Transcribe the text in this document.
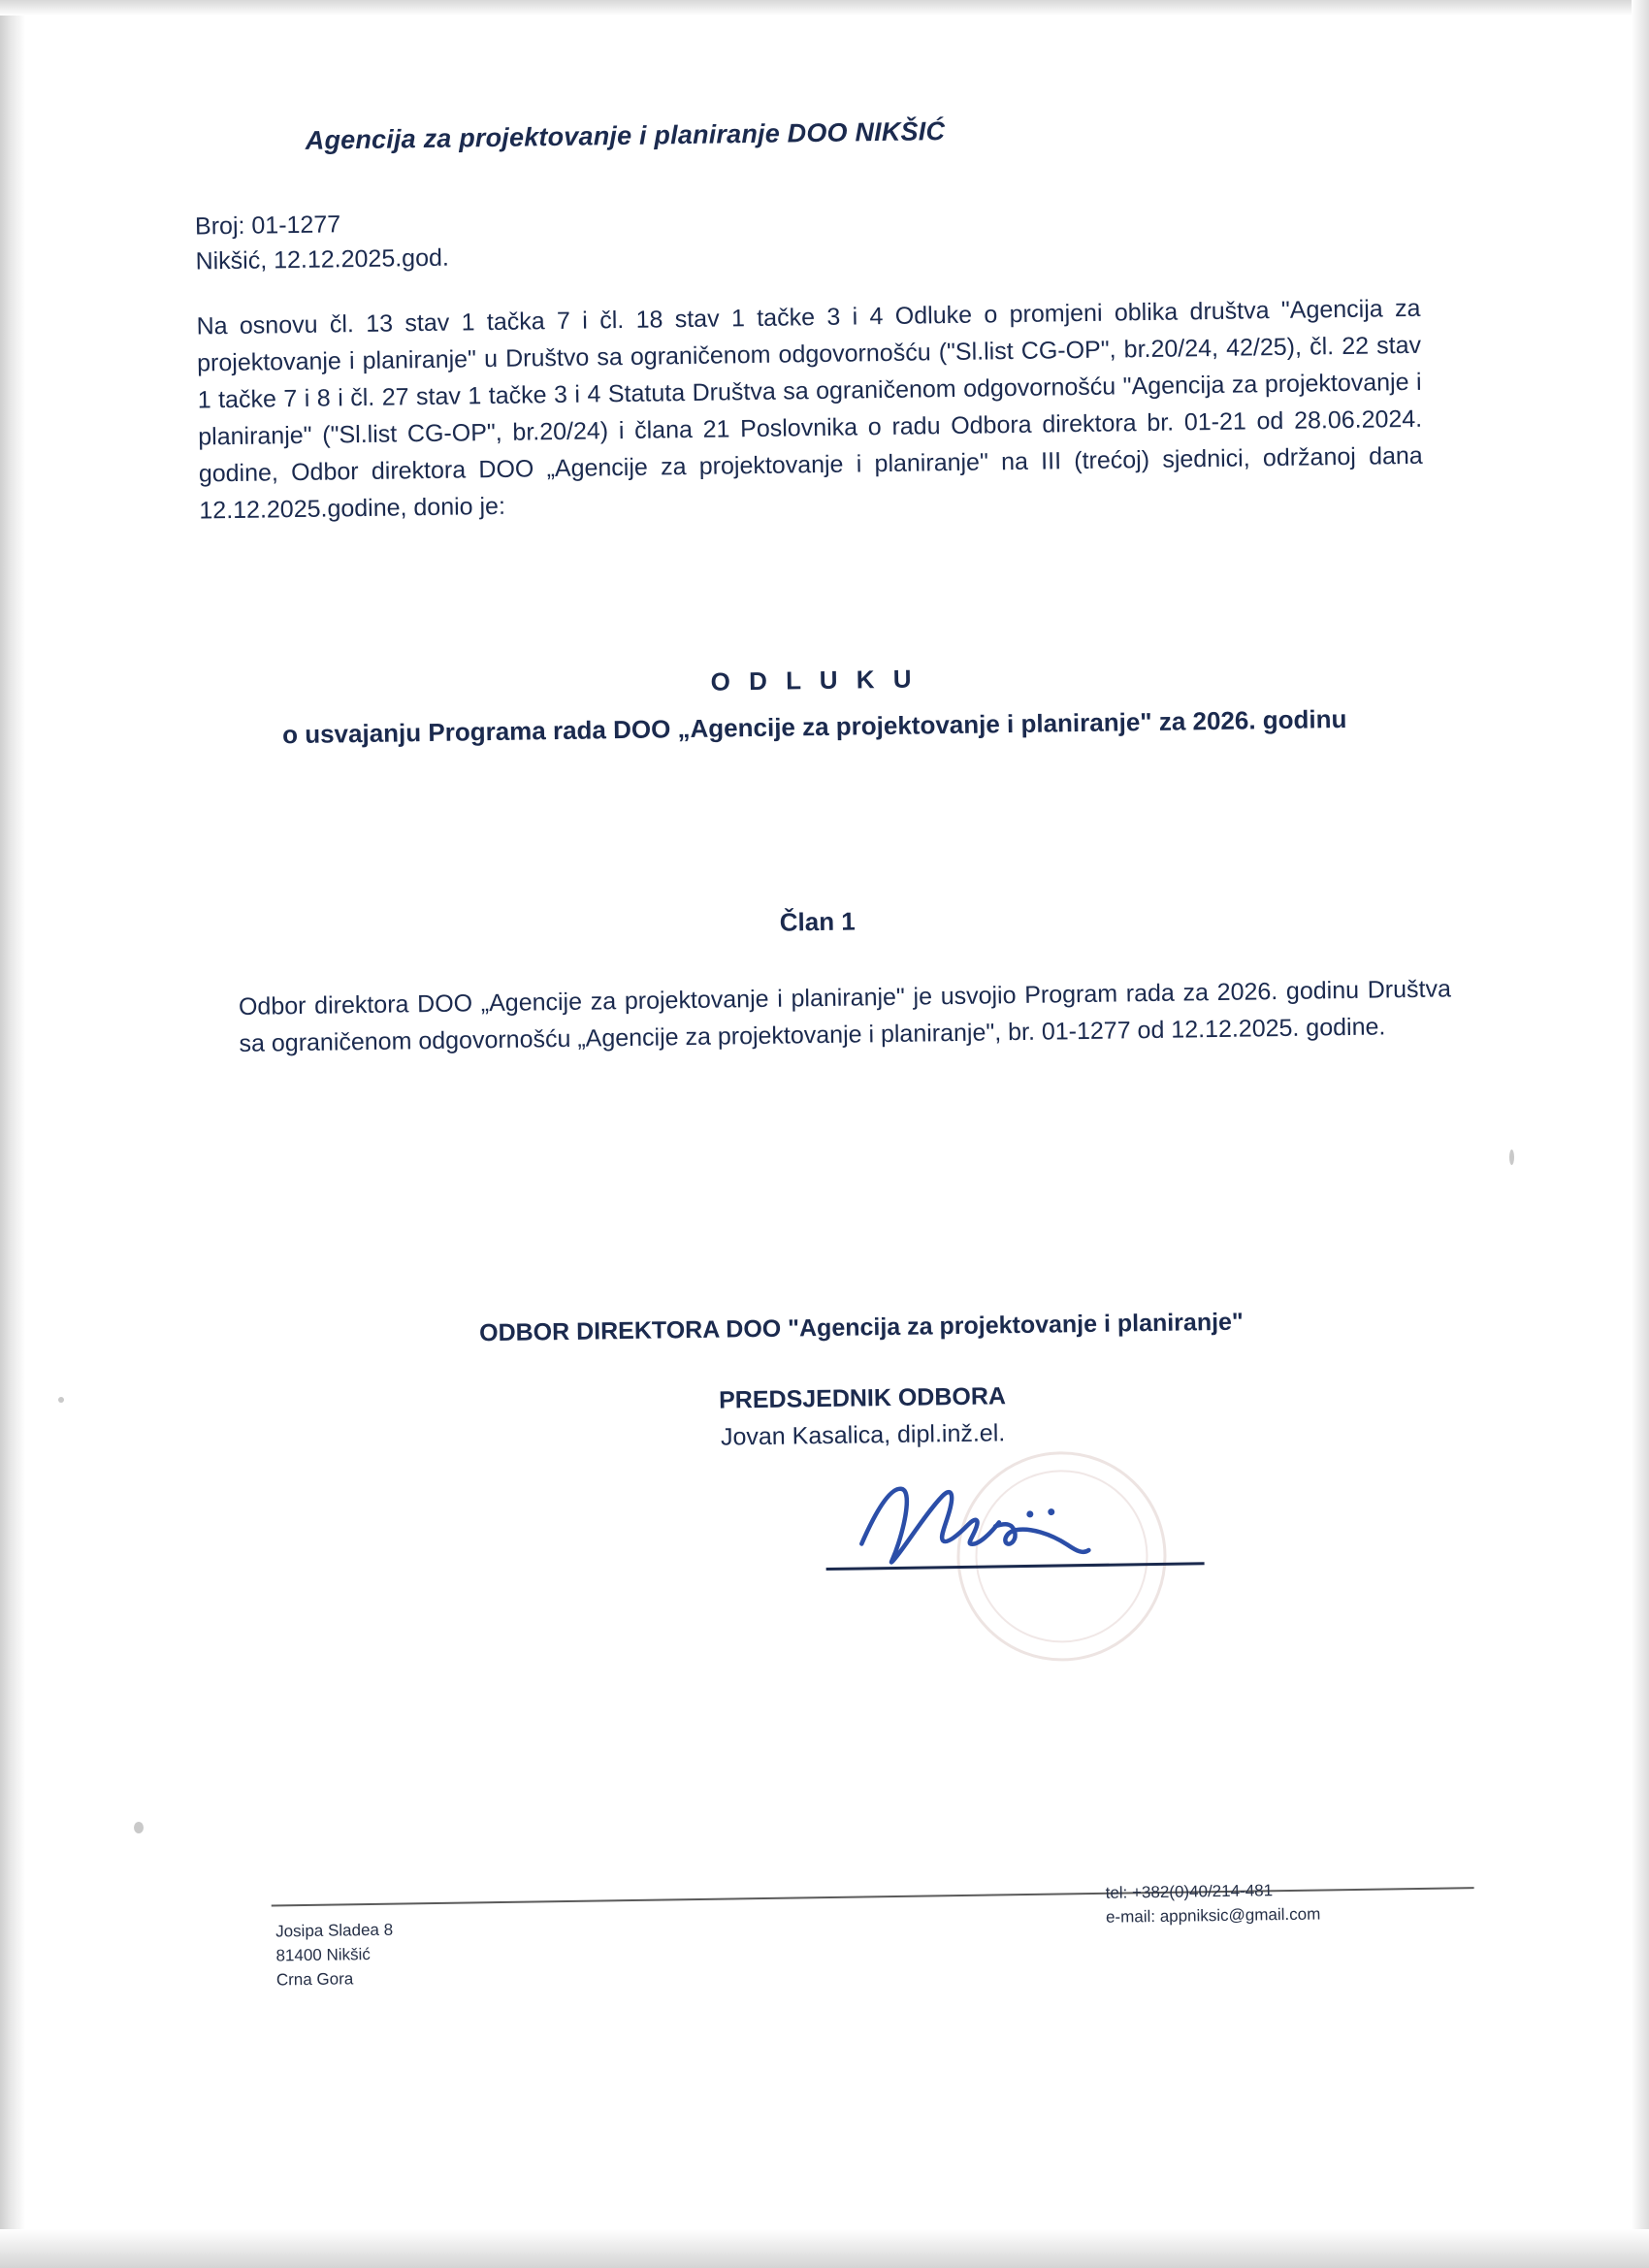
Agencija za projektovanje i planiranje DOO NIKŠIĆ
Broj: 01-1277
Nikšić, 12.12.2025.god.
Na osnovu čl. 13 stav 1 tačka 7 i čl. 18 stav 1 tačke 3 i 4 Odluke o promjeni oblika društva "Agencija za projektovanje i planiranje" u Društvo sa ograničenom odgovornošću ("Sl.list CG-OP", br.20/24, 42/25), čl. 22 stav 1 tačke 7 i 8 i čl. 27 stav 1 tačke 3 i 4 Statuta Društva sa ograničenom odgovornošću "Agencija za projektovanje i planiranje" ("Sl.list CG-OP", br.20/24) i člana 21 Poslovnika o radu Odbora direktora br. 01-21 od 28.06.2024. godine, Odbor direktora DOO „Agencije za projektovanje i planiranje" na III (trećoj) sjednici, održanoj dana 12.12.2025.godine, donio je:
O D L U K U
o usvajanju Programa rada DOO „Agencije za projektovanje i planiranje" za 2026. godinu
Član 1
Odbor direktora DOO „Agencije za projektovanje i planiranje" je usvojio Program rada za 2026. godinu Društva sa ograničenom odgovornošću „Agencije za projektovanje i planiranje", br. 01-1277 od 12.12.2025. godine.
ODBOR DIREKTORA DOO "Agencija za projektovanje i planiranje"
PREDSJEDNIK ODBORA
Jovan Kasalica, dipl.inž.el.
Josipa Sladea 8
81400 Nikšić
Crna Gora
tel: +382(0)40/214-481
e-mail: appniksic@gmail.com
